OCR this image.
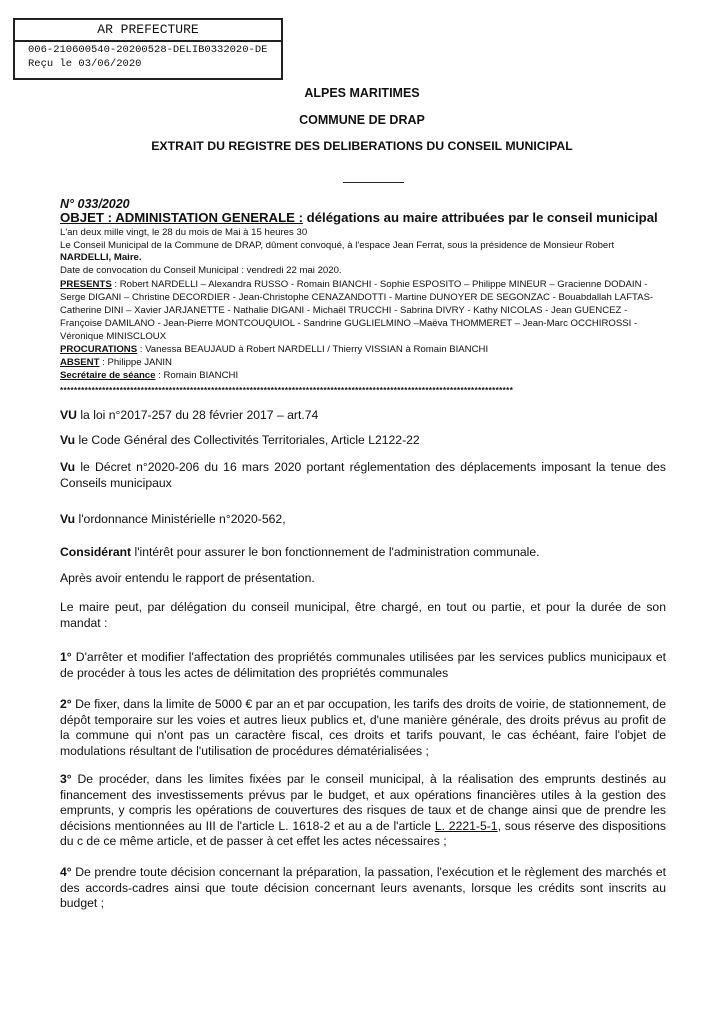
AR PREFECTURE
006-210600540-20200528-DELIB0332020-DE
Reçu le 03/06/2020
ALPES MARITIMES
COMMUNE DE DRAP
EXTRAIT DU REGISTRE DES DELIBERATIONS DU CONSEIL MUNICIPAL
N° 033/2020
OBJET : ADMINISTATION GENERALE : délégations au maire attribuées par le conseil municipal
L'an deux mille vingt, le 28 du mois de Mai à 15 heures 30
Le Conseil Municipal de la Commune de DRAP, dûment convoqué, à l'espace Jean Ferrat, sous la présidence de Monsieur Robert
NARDELLI, Maire.
Date de convocation du Conseil Municipal : vendredi 22 mai 2020.
PRESENTS : Robert NARDELLI – Alexandra RUSSO - Romain BIANCHI - Sophie ESPOSITO – Philippe MINEUR – Gracienne DODAIN -
Serge DIGANI – Christine DECORDIER - Jean-Christophe CENAZANDOTTI - Martine DUNOYER DE SEGONZAC - Bouabdallah LAFTAS-
Catherine DINI – Xavier JARJANETTE - Nathalie DIGANI - Michaël TRUCCHI - Sabrina DIVRY - Kathy NICOLAS - Jean GUENCEZ -
Françoise DAMILANO - Jean-Pierre MONTCOUQUIOL - Sandrine GUGLIELMINO –Maëva THOMMERET – Jean-Marc OCCHIROSSI -
Véronique MINISCLOUX
PROCURATIONS : Vanessa BEAUJAUD à Robert NARDELLI / Thierry VISSIAN à Romain BIANCHI
ABSENT : Philippe JANIN
Secrétaire de séance : Romain BIANCHI
*********************************************************************************************************************************
VU la loi n°2017-257 du 28 février 2017 – art.74
Vu le Code Général des Collectivités Territoriales, Article L2122-22
Vu le Décret n°2020-206 du 16 mars 2020 portant réglementation des déplacements imposant la tenue des Conseils municipaux
Vu l'ordonnance Ministérielle n°2020-562,
Considérant l'intérêt pour assurer le bon fonctionnement de l'administration communale.
Après avoir entendu le rapport de présentation.
Le maire peut, par délégation du conseil municipal, être chargé, en tout ou partie, et pour la durée de son mandat :
1° D'arrêter et modifier l'affectation des propriétés communales utilisées par les services publics municipaux et de procéder à tous les actes de délimitation des propriétés communales
2° De fixer, dans la limite de 5000 € par an et par occupation, les tarifs des droits de voirie, de stationnement, de dépôt temporaire sur les voies et autres lieux publics et, d'une manière générale, des droits prévus au profit de la commune qui n'ont pas un caractère fiscal, ces droits et tarifs pouvant, le cas échéant, faire l'objet de modulations résultant de l'utilisation de procédures dématérialisées ;
3° De procéder, dans les limites fixées par le conseil municipal, à la réalisation des emprunts destinés au financement des investissements prévus par le budget, et aux opérations financières utiles à la gestion des emprunts, y compris les opérations de couvertures des risques de taux et de change ainsi que de prendre les décisions mentionnées au III de l'article L. 1618-2 et au a de l'article L. 2221-5-1, sous réserve des dispositions du c de ce même article, et de passer à cet effet les actes nécessaires ;
4° De prendre toute décision concernant la préparation, la passation, l'exécution et le règlement des marchés et des accords-cadres ainsi que toute décision concernant leurs avenants, lorsque les crédits sont inscrits au budget ;
